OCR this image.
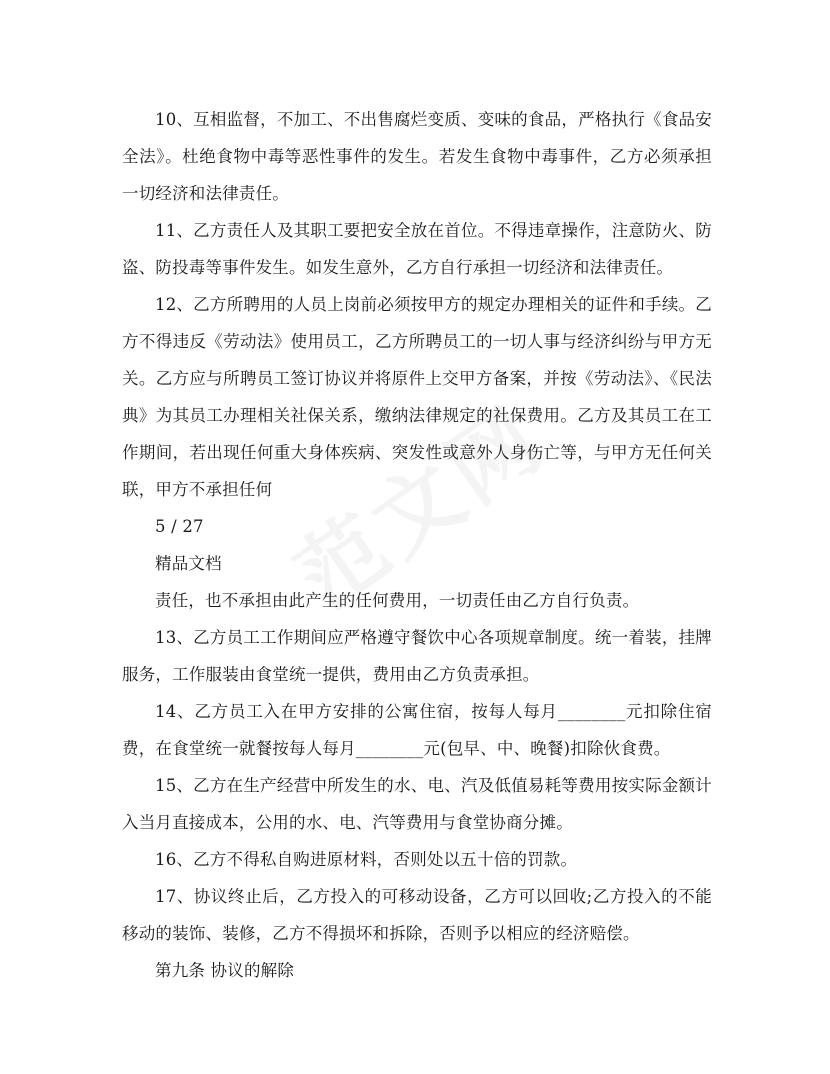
10、互相监督，不加工、不出售腐烂变质、变味的食品，严格执行《食品安全法》。杜绝食物中毒等恶性事件的发生。若发生食物中毒事件，乙方必须承担一切经济和法律责任。

11、乙方责任人及其职工要把安全放在首位。不得违章操作，注意防火、防盗、防投毒等事件发生。如发生意外，乙方自行承担一切经济和法律责任。

12、乙方所聘用的人员上岗前必须按甲方的规定办理相关的证件和手续。乙方不得违反《劳动法》使用员工，乙方所聘员工的一切人事与经济纠纷与甲方无关。乙方应与所聘员工签订协议并将原件上交甲方备案，并按《劳动法》、《民法典》为其员工办理相关社保关系，缴纳法律规定的社保费用。乙方及其员工在工作期间，若出现任何重大身体疾病、突发性或意外人身伤亡等，与甲方无任何关联，甲方不承担任何

5 / 27

精品文档

责任，也不承担由此产生的任何费用，一切责任由乙方自行负责。

13、乙方员工工作期间应严格遵守餐饮中心各项规章制度。统一着装，挂牌服务，工作服装由食堂统一提供，费用由乙方负责承担。

14、乙方员工入在甲方安排的公寓住宿，按每人每月________元扣除住宿费，在食堂统一就餐按每人每月________元(包早、中、晚餐)扣除伙食费。

15、乙方在生产经营中所发生的水、电、汽及低值易耗等费用按实际金额计入当月直接成本，公用的水、电、汽等费用与食堂协商分摊。

16、乙方不得私自购进原材料，否则处以五十倍的罚款。

17、协议终止后，乙方投入的可移动设备，乙方可以回收;乙方投入的不能移动的装饰、装修，乙方不得损坏和拆除，否则予以相应的经济赔偿。

第九条 协议的解除
